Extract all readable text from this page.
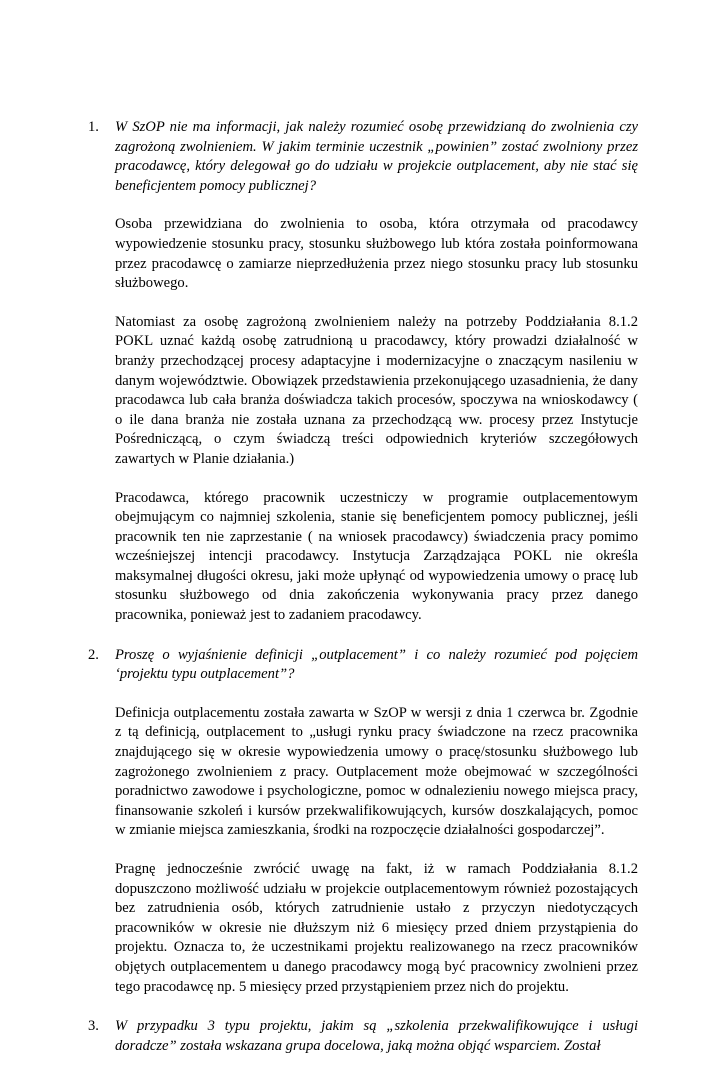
1. W SzOP nie ma informacji, jak należy rozumieć osobę przewidzianą do zwolnienia czy zagrożoną zwolnieniem. W jakim terminie uczestnik „powinien” zostać zwolniony przez pracodawcę, który delegował go do udziału w projekcie outplacement, aby nie stać się beneficjentem pomocy publicznej?

Osoba przewidziana do zwolnienia to osoba, która otrzymała od pracodawcy wypowiedzenie stosunku pracy, stosunku służbowego lub która została poinformowana przez pracodawcę o zamiarze nieprzedłużenia przez niego stosunku pracy lub stosunku służbowego.

Natomiast za osobę zagrożoną zwolnieniem należy na potrzeby Poddziałania 8.1.2 POKL uznać każdą osobę zatrudnioną u pracodawcy, który prowadzi działalność w branży przechodzącej procesy adaptacyjne i modernizacyjne o znaczącym nasileniu w danym województwie. Obowiązek przedstawienia przekonującego uzasadnienia, że dany pracodawca lub cała branża doświadcza takich procesów, spoczywa na wnioskodawcy ( o ile dana branża nie została uznana za przechodzącą ww. procesy przez Instytucje Pośredniczącą, o czym świadczą treści odpowiednich kryteriów szczegółowych zawartych w Planie działania.)

Pracodawca, którego pracownik uczestniczy w programie outplacementowym obejmującym co najmniej szkolenia, stanie się beneficjentem pomocy publicznej, jeśli pracownik ten nie zaprzestanie ( na wniosek pracodawcy) świadczenia pracy pomimo wcześniejszej intencji pracodawcy. Instytucja Zarządzająca POKL nie określa maksymalnej długości okresu, jaki może upłynąć od wypowiedzenia umowy o pracę lub stosunku służbowego od dnia zakończenia wykonywania pracy przez danego pracownika, ponieważ jest to zadaniem pracodawcy.

2. Proszę o wyjaśnienie definicji „outplacement” i co należy rozumieć pod pojęciem ‘projektu typu outplacement”?

Definicja outplacementu została zawarta w SzOP w wersji z dnia 1 czerwca br. Zgodnie z tą definicją, outplacement to „usługi rynku pracy świadczone na rzecz pracownika znajdującego się w okresie wypowiedzenia umowy o pracę/stosunku służbowego lub zagrożonego zwolnieniem z pracy. Outplacement może obejmować w szczególności poradnictwo zawodowe i psychologiczne, pomoc w odnalezieniu nowego miejsca pracy, finansowanie szkoleń i kursów przekwalifikowujących, kursów doszkalających, pomoc w zmianie miejsca zamieszkania, środki na rozpoczęcie działalności gospodarczej”.

Pragnę jednocześnie zwrócić uwagę na fakt, iż w ramach Poddziałania 8.1.2 dopuszczono możliwość udziału w projekcie outplacementowym również pozostających bez zatrudnienia osób, których zatrudnienie ustało z przyczyn niedotyczących pracowników w okresie nie dłuższym niż 6 miesięcy przed dniem przystąpienia do projektu. Oznacza to, że uczestnikami projektu realizowanego na rzecz pracowników objętych outplacementem u danego pracodawcy mogą być pracownicy zwolnieni przez tego pracodawcę np. 5 miesięcy przed przystąpieniem przez nich do projektu.

3. W przypadku 3 typu projektu, jakim są „szkolenia przekwalifikowujące i usługi doradcze” została wskazana grupa docelowa, jaką można objąć wsparciem. Został
